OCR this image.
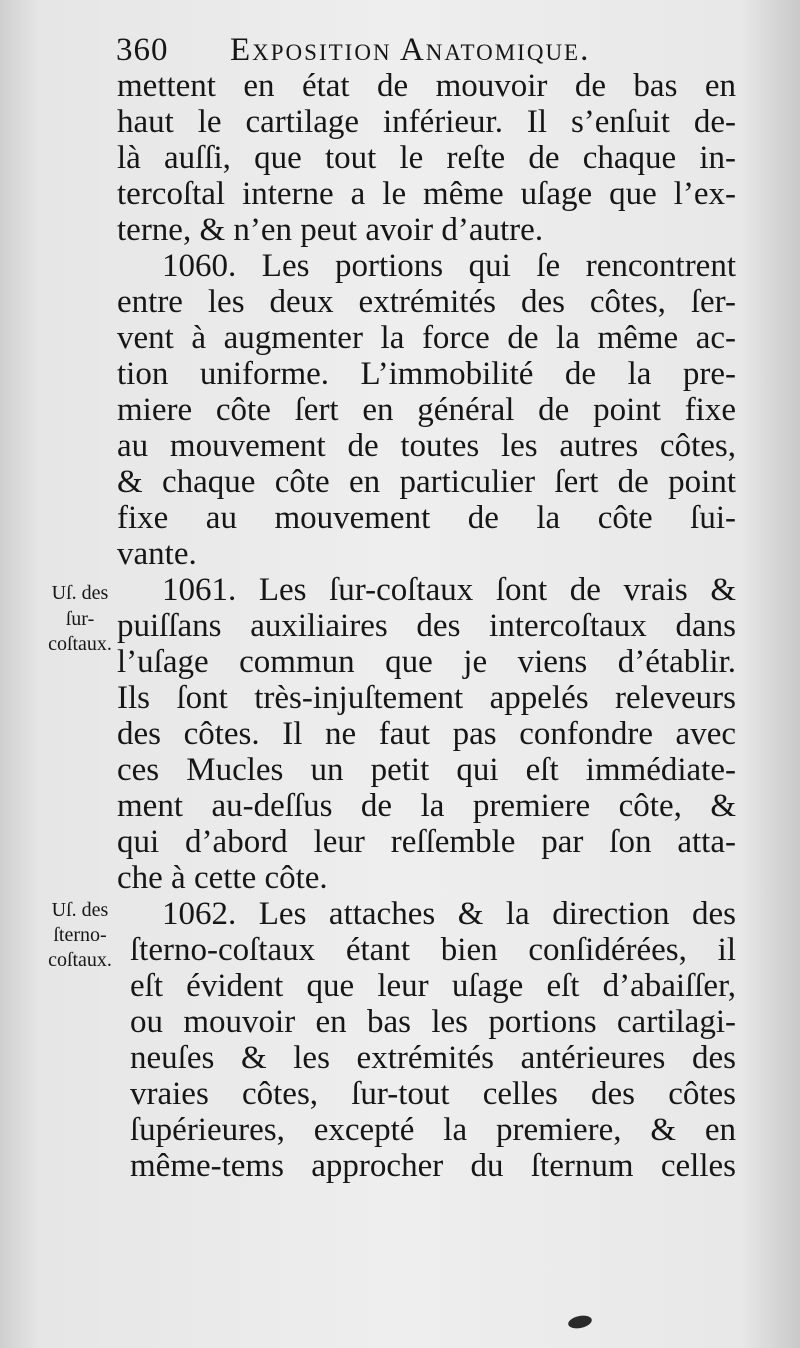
360 Exposition Anatomique.
Uſ. des
ſur-
coſtaux.
Uſ. des
ſterno-
coſtaux.
mettent en état de mouvoir de bas en
haut le cartilage inférieur. Il s’enſuit de-
là auſſi, que tout le reſte de chaque in-
tercoſtal interne a le même uſage que l’ex-
terne, & n’en peut avoir d’autre.
1060. Les portions qui ſe rencontrent
entre les deux extrémités des côtes, ſer-
vent à augmenter la force de la même ac-
tion uniforme. L’immobilité de la pre-
miere côte ſert en général de point fixe
au mouvement de toutes les autres côtes,
& chaque côte en particulier ſert de point
fixe au mouvement de la côte ſui-
vante.
1061. Les ſur-coſtaux ſont de vrais &
puiſſans auxiliaires des intercoſtaux dans
l’uſage commun que je viens d’établir.
Ils ſont très-injuſtement appelés releveurs
des côtes. Il ne faut pas confondre avec
ces Mucles un petit qui eſt immédiate-
ment au-deſſus de la premiere côte, &
qui d’abord leur reſſemble par ſon atta-
che à cette côte.
1062. Les attaches & la direction des
ſterno-coſtaux étant bien conſidérées, il
eſt évident que leur uſage eſt d’abaiſſer,
ou mouvoir en bas les portions cartilagi-
neuſes & les extrémités antérieures des
vraies côtes, ſur-tout celles des côtes
ſupérieures, excepté la premiere, & en
même-tems approcher du ſternum celles
